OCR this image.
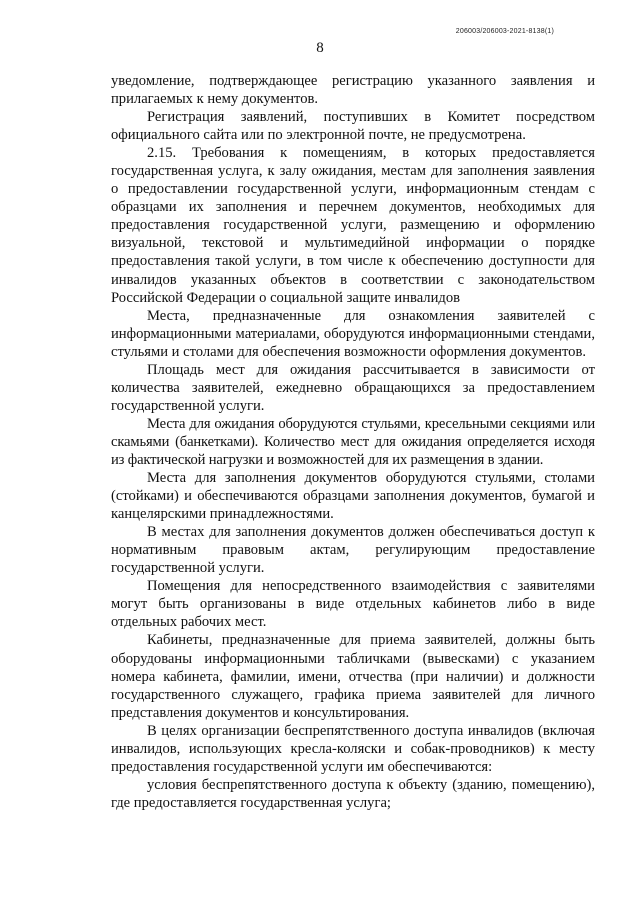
206003/206003-2021-8138(1)
8

уведомление, подтверждающее регистрацию указанного заявления и прилагаемых к нему документов.

Регистрация заявлений, поступивших в Комитет посредством официального сайта или по электронной почте, не предусмотрена.

2.15. Требования к помещениям, в которых предоставляется государственная услуга, к залу ожидания, местам для заполнения заявления о предоставлении государственной услуги, информационным стендам с образцами их заполнения и перечнем документов, необходимых для предоставления государственной услуги, размещению и оформлению визуальной, текстовой и мультимедийной информации о порядке предоставления такой услуги, в том числе к обеспечению доступности для инвалидов указанных объектов в соответствии с законодательством Российской Федерации о социальной защите инвалидов

Места, предназначенные для ознакомления заявителей с информационными материалами, оборудуются информационными стендами, стульями и столами для обеспечения возможности оформления документов.

Площадь мест для ожидания рассчитывается в зависимости от количества заявителей, ежедневно обращающихся за предоставлением государственной услуги.

Места для ожидания оборудуются стульями, кресельными секциями или скамьями (банкетками). Количество мест для ожидания определяется исходя из фактической нагрузки и возможностей для их размещения в здании.

Места для заполнения документов оборудуются стульями, столами (стойками) и обеспечиваются образцами заполнения документов, бумагой и канцелярскими принадлежностями.

В местах для заполнения документов должен обеспечиваться доступ к нормативным правовым актам, регулирующим предоставление государственной услуги.

Помещения для непосредственного взаимодействия с заявителями могут быть организованы в виде отдельных кабинетов либо в виде отдельных рабочих мест.

Кабинеты, предназначенные для приема заявителей, должны быть оборудованы информационными табличками (вывесками) с указанием номера кабинета, фамилии, имени, отчества (при наличии) и должности государственного служащего, графика приема заявителей для личного представления документов и консультирования.

В целях организации беспрепятственного доступа инвалидов (включая инвалидов, использующих кресла-коляски и собак-проводников) к месту предоставления государственной услуги им обеспечиваются:

условия беспрепятственного доступа к объекту (зданию, помещению), где предоставляется государственная услуга;
